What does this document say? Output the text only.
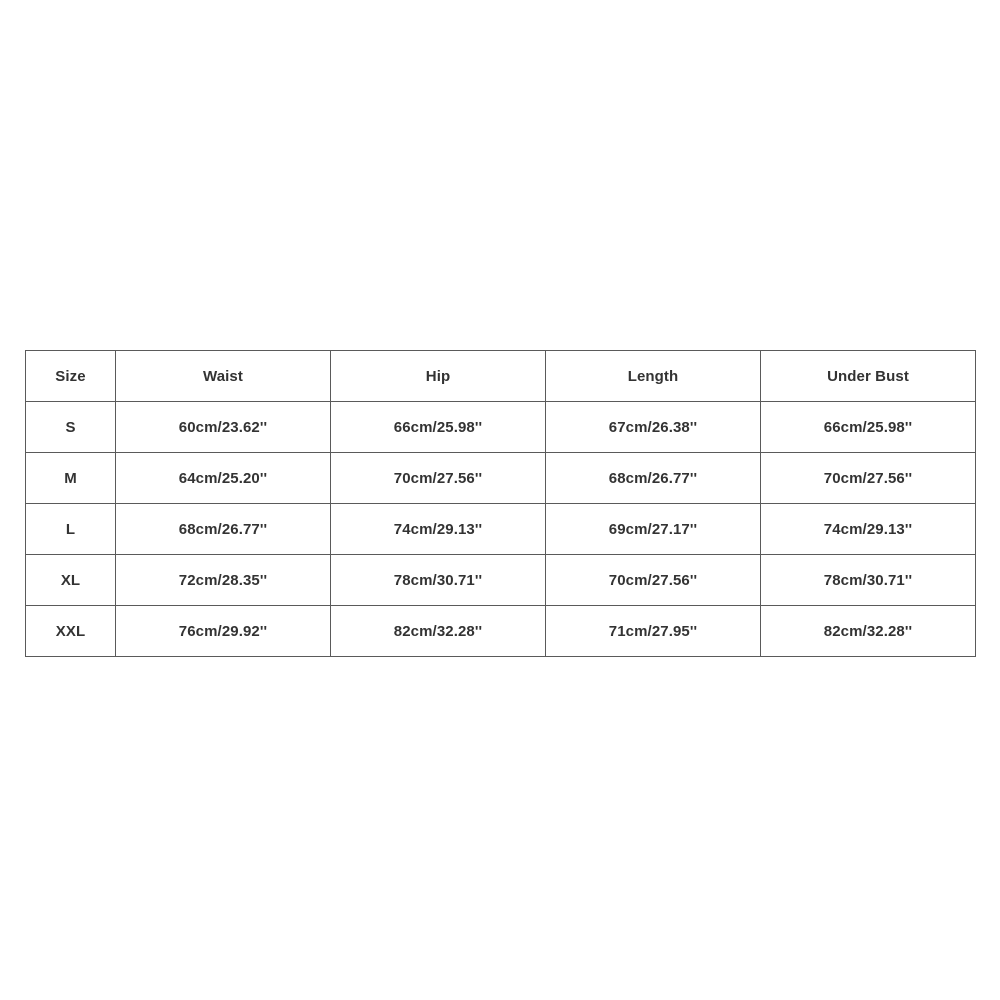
Size	Waist	Hip	Length	Under Bust
S	60cm/23.62''	66cm/25.98''	67cm/26.38''	66cm/25.98''
M	64cm/25.20''	70cm/27.56''	68cm/26.77''	70cm/27.56''
L	68cm/26.77''	74cm/29.13''	69cm/27.17''	74cm/29.13''
XL	72cm/28.35''	78cm/30.71''	70cm/27.56''	78cm/30.71''
XXL	76cm/29.92''	82cm/32.28''	71cm/27.95''	82cm/32.28''
